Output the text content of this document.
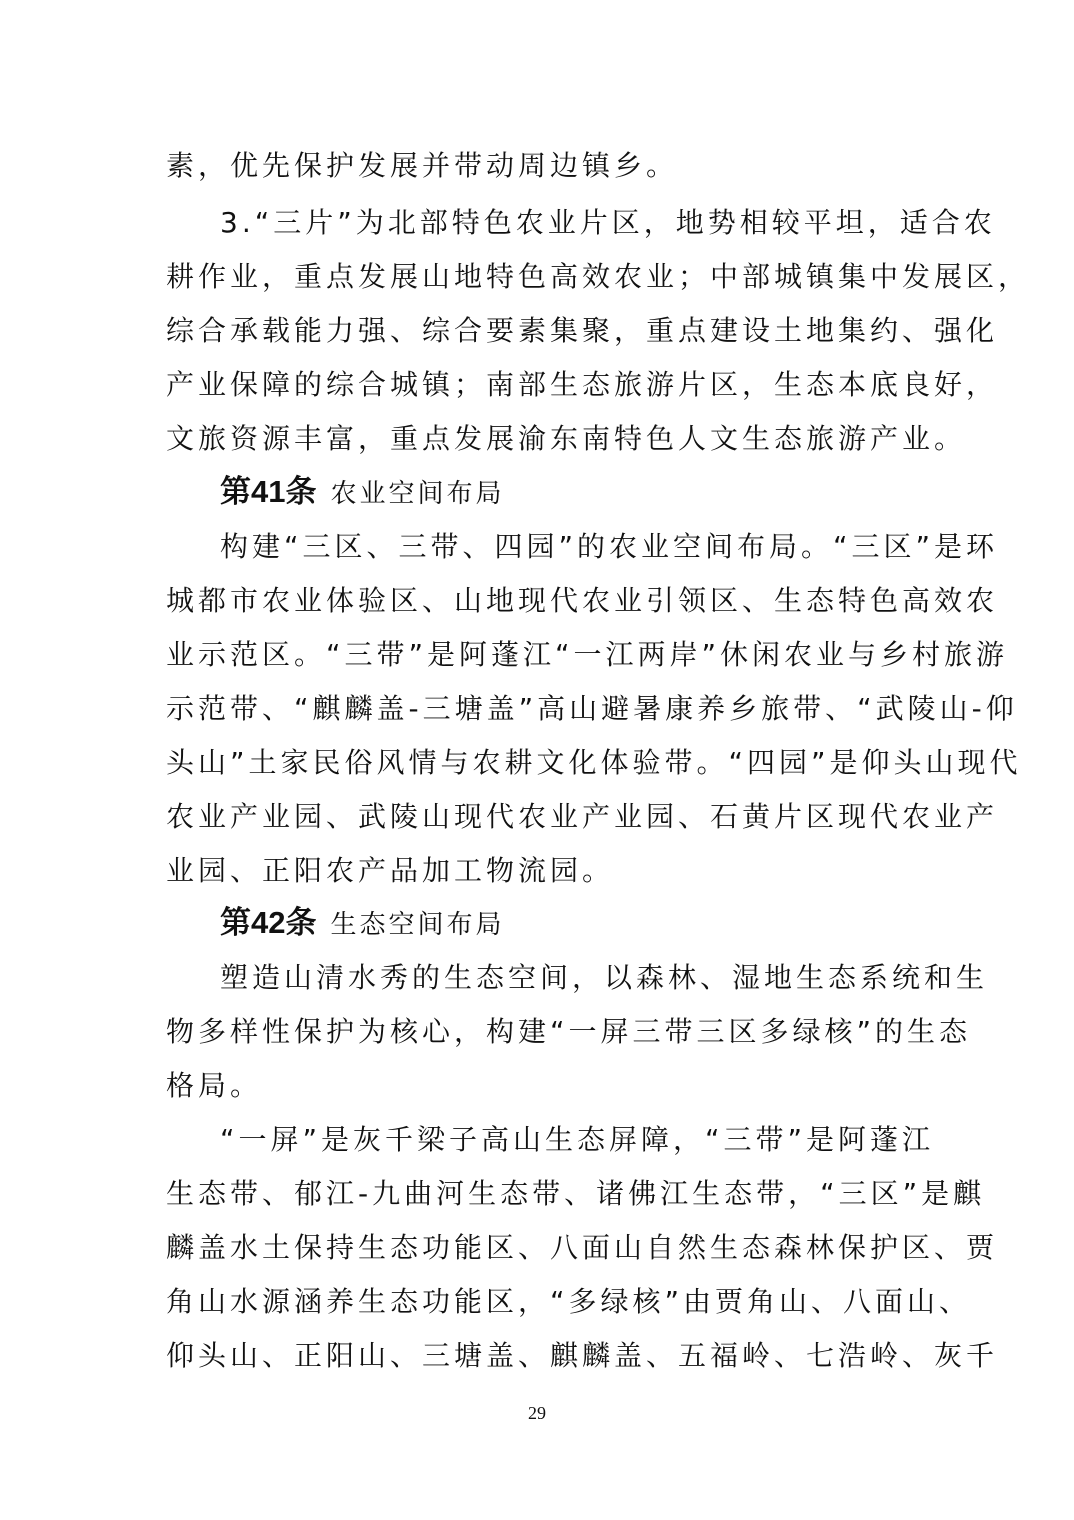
素，优先保护发展并带动周边镇乡。
3.“三片”为北部特色农业片区，地势相较平坦，适合农
耕作业，重点发展山地特色高效农业；中部城镇集中发展区，
综合承载能力强、综合要素集聚，重点建设土地集约、强化
产业保障的综合城镇；南部生态旅游片区，生态本底良好，
文旅资源丰富，重点发展渝东南特色人文生态旅游产业。
第41条 农业空间布局
构建“三区、三带、四园”的农业空间布局。“三区”是环
城都市农业体验区、山地现代农业引领区、生态特色高效农
业示范区。“三带”是阿蓬江“一江两岸”休闲农业与乡村旅游
示范带、“麒麟盖-三塘盖”高山避暑康养乡旅带、“武陵山-仰
头山”土家民俗风情与农耕文化体验带。“四园”是仰头山现代
农业产业园、武陵山现代农业产业园、石黄片区现代农业产
业园、正阳农产品加工物流园。
第42条 生态空间布局
塑造山清水秀的生态空间，以森林、湿地生态系统和生
物多样性保护为核心，构建“一屏三带三区多绿核”的生态
格局。
“一屏”是灰千梁子高山生态屏障，“三带”是阿蓬江
生态带、郁江-九曲河生态带、诸佛江生态带，“三区”是麒
麟盖水土保持生态功能区、八面山自然生态森林保护区、贾
角山水源涵养生态功能区，“多绿核”由贾角山、八面山、
仰头山、正阳山、三塘盖、麒麟盖、五福岭、七浩岭、灰千
29
